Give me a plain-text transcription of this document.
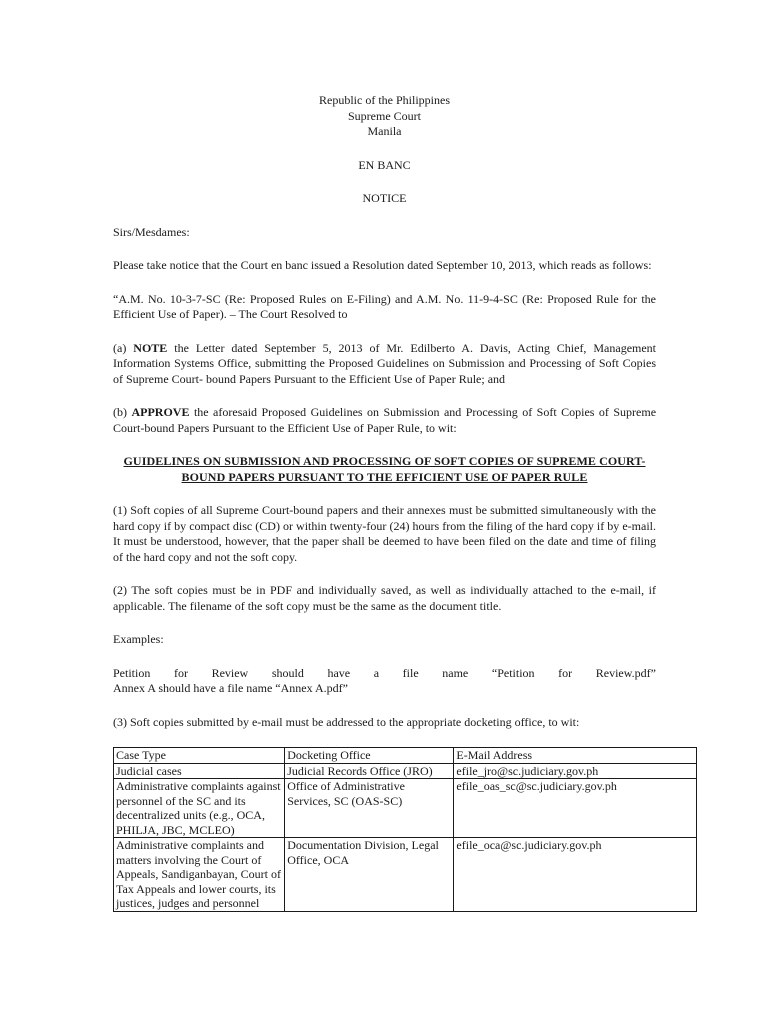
Republic of the Philippines
Supreme Court
Manila

EN BANC

NOTICE

Sirs/Mesdames:

Please take notice that the Court en banc issued a Resolution dated September 10, 2013, which reads as follows:

“A.M. No. 10-3-7-SC (Re: Proposed Rules on E-Filing) and A.M. No. 11-9-4-SC (Re: Proposed Rule for the Efficient Use of Paper). – The Court Resolved to

(a) NOTE the Letter dated September 5, 2013 of Mr. Edilberto A. Davis, Acting Chief, Management Information Systems Office, submitting the Proposed Guidelines on Submission and Processing of Soft Copies of Supreme Court- bound Papers Pursuant to the Efficient Use of Paper Rule; and

(b) APPROVE the aforesaid Proposed Guidelines on Submission and Processing of Soft Copies of Supreme Court-bound Papers Pursuant to the Efficient Use of Paper Rule, to wit:

GUIDELINES ON SUBMISSION AND PROCESSING OF SOFT COPIES OF SUPREME COURT-
BOUND PAPERS PURSUANT TO THE EFFICIENT USE OF PAPER RULE

(1) Soft copies of all Supreme Court-bound papers and their annexes must be submitted simultaneously with the hard copy if by compact disc (CD) or within twenty-four (24) hours from the filing of the hard copy if by e-mail. It must be understood, however, that the paper shall be deemed to have been filed on the date and time of filing of the hard copy and not the soft copy.

(2) The soft copies must be in PDF and individually saved, as well as individually attached to the e-mail, if applicable. The filename of the soft copy must be the same as the document title.

Examples:

Petition for Review should have a file name “Petition for Review.pdf”

Annex A should have a file name “Annex A.pdf”

(3) Soft copies submitted by e-mail must be addressed to the appropriate docketing office, to wit:

Case Type	Docketing Office	E-Mail Address
Judicial cases	Judicial Records Office (JRO)	efile_jro@sc.judiciary.gov.ph
Administrative complaints against personnel of the SC and its decentralized units (e.g., OCA, PHILJA, JBC, MCLEO)	Office of Administrative Services, SC (OAS-SC)	efile_oas_sc@sc.judiciary.gov.ph
Administrative complaints and matters involving the Court of Appeals, Sandiganbayan, Court of Tax Appeals and lower courts, its justices, judges and personnel	Documentation Division, Legal Office, OCA	efile_oca@sc.judiciary.gov.ph
